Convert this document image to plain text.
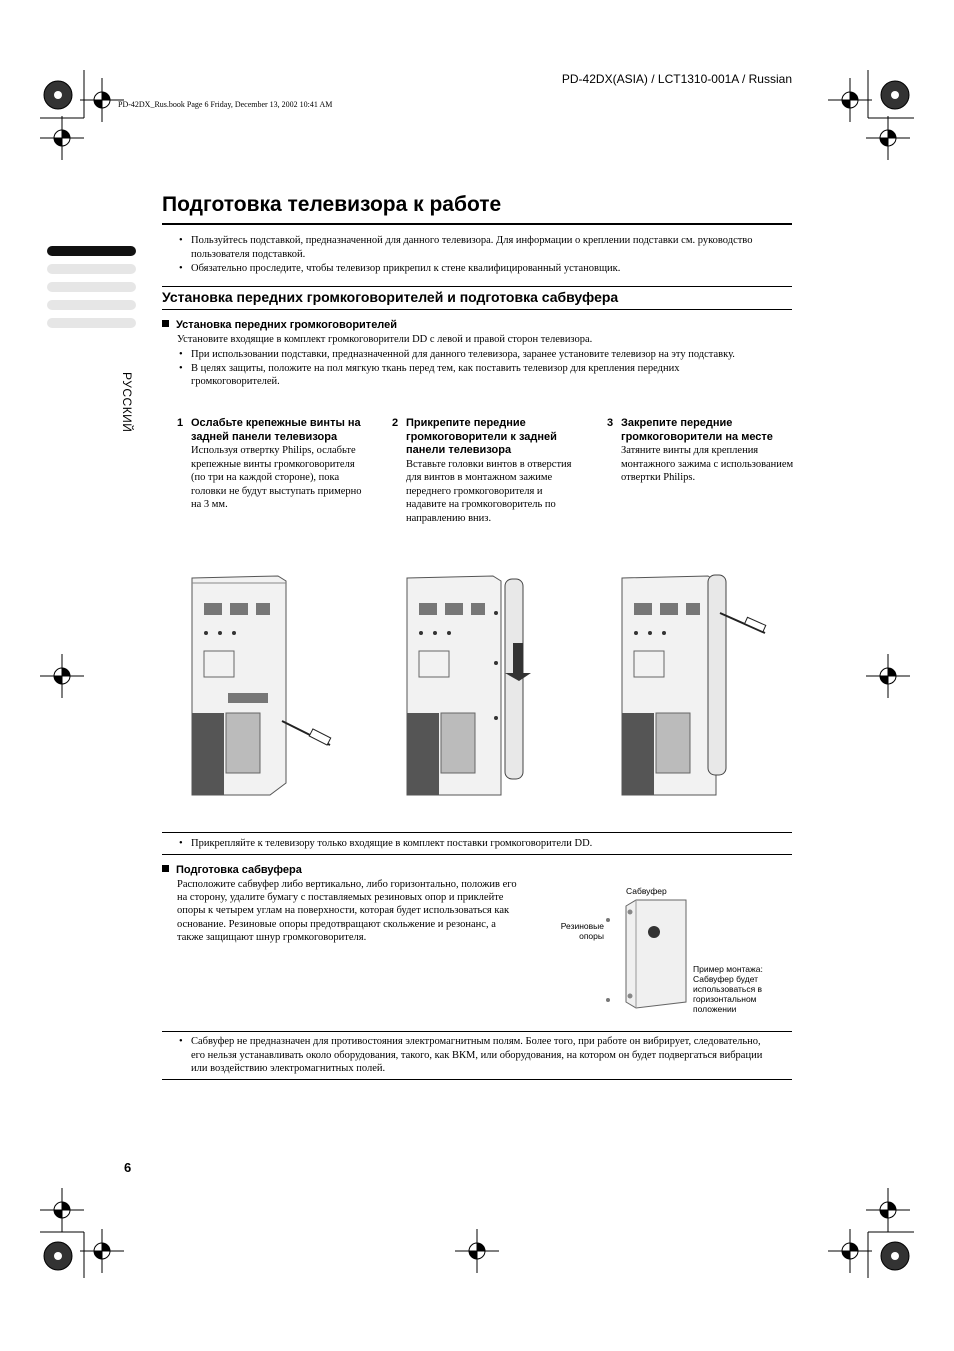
PD-42DX(ASIA) / LCT1310-001A / Russian
PD-42DX_Rus.book Page 6 Friday, December 13, 2002 10:41 AM
РУССКИЙ
Подготовка телевизора к работе
• Пользуйтесь подставкой, предназначенной для данного телевизора. Для информации о креплении подставки см. руководство пользователя подставкой.
• Обязательно проследите, чтобы телевизор прикрепил к стене квалифицированный установщик.
Установка передних громкоговорителей и подготовка сабвуфера
Установка передних громкоговорителей
Установите входящие в комплект громкоговорители DD с левой и правой сторон телевизора.
• При использовании подставки, предназначенной для данного телевизора, заранее установите телевизор на эту подставку.
• В целях защиты, положите на пол мягкую ткань перед тем, как поставить телевизор для крепления передних громкоговорителей.
1 Ослабьте крепежные винты на задней панели телевизора
Используя отвертку Philips, ослабьте крепежные винты громкоговорителя (по три на каждой стороне), пока головки не будут выступать примерно на 3 мм.
2 Прикрепите передние громкоговорители к задней панели телевизора
Вставьте головки винтов в отверстия для винтов в монтажном зажиме переднего громкоговорителя и надавите на громкоговоритель по направлению вниз.
3 Закрепите передние громкоговорители на месте
Затяните винты для крепления монтажного зажима с использованием отвертки Philips.
• Прикрепляйте к телевизору только входящие в комплект поставки громкоговорители DD.
Подготовка сабвуфера
Расположите сабвуфер либо вертикально, либо горизонтально, положив его на сторону, удалите бумагу с поставляемых резиновых опор и приклейте опоры к четырем углам на поверхности, которая будет использоваться как основание. Резиновые опоры предотвращают скольжение и резонанс, а также защищают шнур громкоговорителя.
Сабвуфер
Резиновые опоры
Пример монтажа: Сабвуфер будет использоваться в горизонтальном положении
• Сабвуфер не предназначен для противостояния электромагнитным полям. Более того, при работе он вибрирует, следовательно, его нельзя устанавливать около оборудования, такого, как ВКМ, или оборудования, на котором он будет подвергаться вибрации или воздействию электромагнитных полей.
6
